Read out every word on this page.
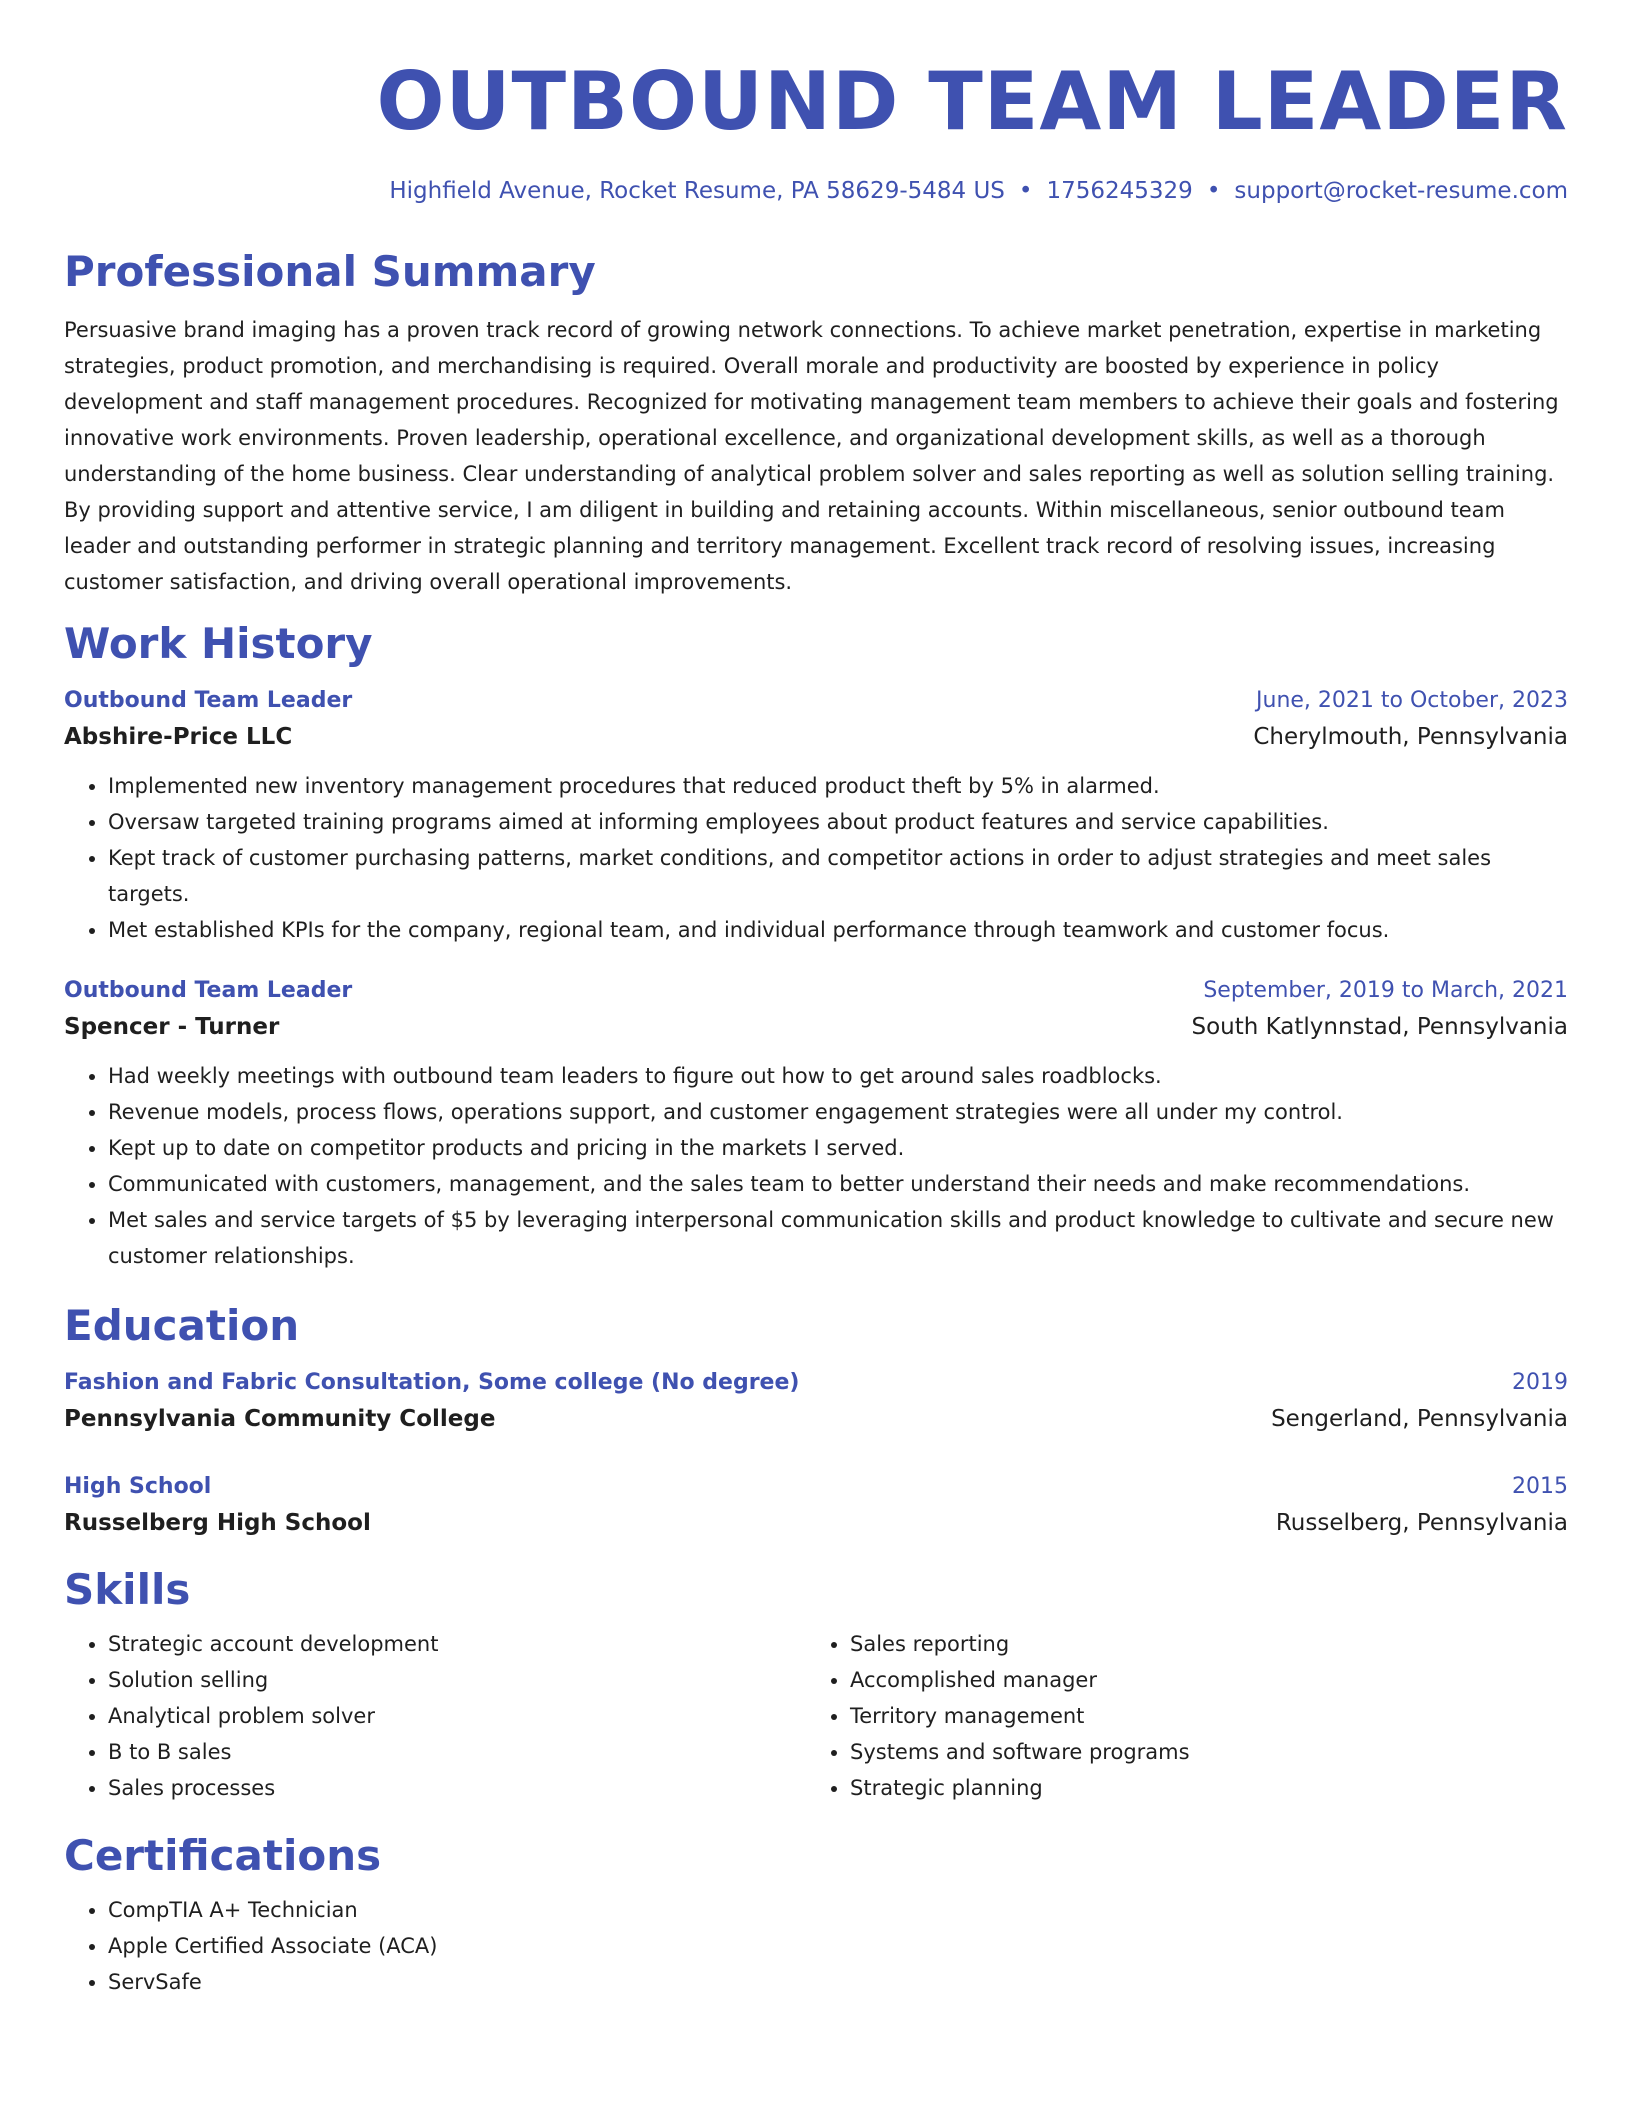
OUTBOUND TEAM LEADER
Highfield Avenue, Rocket Resume, PA 58629-5484 US • 1756245329 • support@rocket-resume.com
Professional Summary
Persuasive brand imaging has a proven track record of growing network connections. To achieve market penetration, expertise in marketing strategies, product promotion, and merchandising is required. Overall morale and productivity are boosted by experience in policy development and staff management procedures. Recognized for motivating management team members to achieve their goals and fostering innovative work environments. Proven leadership, operational excellence, and organizational development skills, as well as a thorough understanding of the home business. Clear understanding of analytical problem solver and sales reporting as well as solution selling training. By providing support and attentive service, I am diligent in building and retaining accounts. Within miscellaneous, senior outbound team leader and outstanding performer in strategic planning and territory management. Excellent track record of resolving issues, increasing customer satisfaction, and driving overall operational improvements.
Work History
Outbound Team Leader	June, 2021 to October, 2023
Abshire-Price LLC	Cherylmouth, Pennsylvania
• Implemented new inventory management procedures that reduced product theft by 5% in alarmed.
• Oversaw targeted training programs aimed at informing employees about product features and service capabilities.
• Kept track of customer purchasing patterns, market conditions, and competitor actions in order to adjust strategies and meet sales targets.
• Met established KPIs for the company, regional team, and individual performance through teamwork and customer focus.
Outbound Team Leader	September, 2019 to March, 2021
Spencer - Turner	South Katlynnstad, Pennsylvania
• Had weekly meetings with outbound team leaders to figure out how to get around sales roadblocks.
• Revenue models, process flows, operations support, and customer engagement strategies were all under my control.
• Kept up to date on competitor products and pricing in the markets I served.
• Communicated with customers, management, and the sales team to better understand their needs and make recommendations.
• Met sales and service targets of $5 by leveraging interpersonal communication skills and product knowledge to cultivate and secure new customer relationships.
Education
Fashion and Fabric Consultation, Some college (No degree)	2019
Pennsylvania Community College	Sengerland, Pennsylvania
High School	2015
Russelberg High School	Russelberg, Pennsylvania
Skills
• Strategic account development
• Solution selling
• Analytical problem solver
• B to B sales
• Sales processes
• Sales reporting
• Accomplished manager
• Territory management
• Systems and software programs
• Strategic planning
Certifications
• CompTIA A+ Technician
• Apple Certified Associate (ACA)
• ServSafe
